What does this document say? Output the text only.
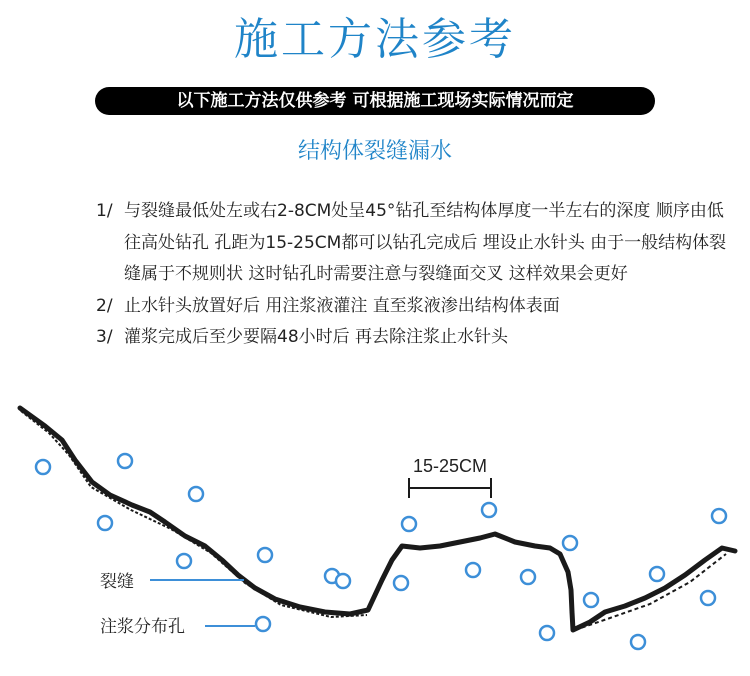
施工方法参考
以下施工方法仅供参考 可根据施工现场实际情况而定
结构体裂缝漏水
1/ 与裂缝最低处左或右2-8CM处呈45°钻孔至结构体厚度一半左右的深度 顺序由低往高处钻孔 孔距为15-25CM都可以钻孔完成后 埋设止水针头 由于一般结构体裂缝属于不规则状 这时钻孔时需要注意与裂缝面交叉 这样效果会更好
2/ 止水针头放置好后 用注浆液灌注 直至浆液渗出结构体表面
3/ 灌浆完成后至少要隔48小时后 再去除注浆止水针头
15-25CM
裂缝
注浆分布孔
